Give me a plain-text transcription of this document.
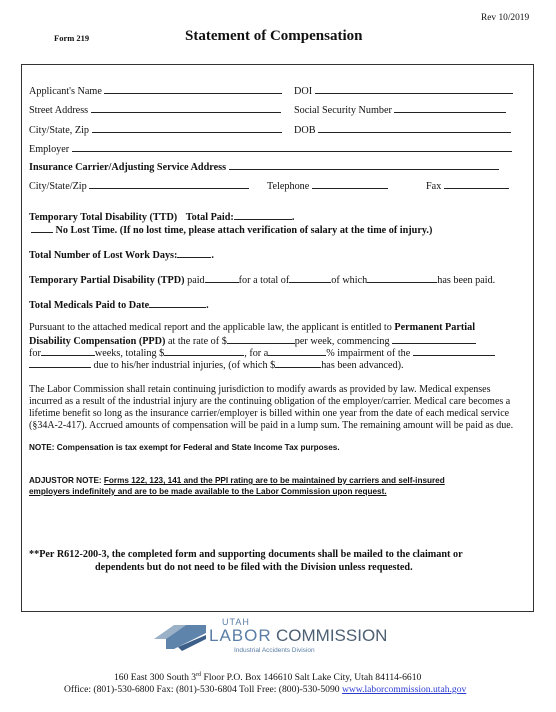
Rev 10/2019
Form 219	Statement of Compensation
Applicant's Name	DOI
Street Address	Social Security Number
City/State, Zip	DOB
Employer
Insurance Carrier/Adjusting Service Address
City/State/Zip	Telephone	Fax
Temporary Total Disability (TTD) Total Paid:	.
No Lost Time. (If no lost time, please attach verification of salary at the time of injury.)
Total Number of Lost Work Days:	.
Temporary Partial Disability (TPD) paid	for a total of	of which	has been paid.
Total Medicals Paid to Date	.
Pursuant to the attached medical report and the applicable law, the applicant is entitled to Permanent Partial
Disability Compensation (PPD) at the rate of $	per week, commencing
for	weeks, totaling $	, for a	% impairment of the
due to his/her industrial injuries, (of which $	has been advanced).
The Labor Commission shall retain continuing jurisdiction to modify awards as provided by law. Medical expenses incurred as a result of the industrial injury are the continuing obligation of the employer/carrier. Medical care becomes a lifetime benefit so long as the insurance carrier/employer is billed within one year from the date of each medical service (§34A-2-417). Accrued amounts of compensation will be paid in a lump sum. The remaining amount will be paid as due.
NOTE: Compensation is tax exempt for Federal and State Income Tax purposes.
ADJUSTOR NOTE: Forms 122, 123, 141 and the PPI rating are to be maintained by carriers and self-insured
employers indefinitely and are to be made available to the Labor Commission upon request.
**Per R612-200-3, the completed form and supporting documents shall be mailed to the claimant or
dependents but do not need to be filed with the Division unless requested.
UTAH
LABOR COMMISSION
Industrial Accidents Division
160 East 300 South 3rd Floor P.O. Box 146610 Salt Lake City, Utah 84114-6610
Office: (801)-530-6800 Fax: (801)-530-6804 Toll Free: (800)-530-5090 www.laborcommission.utah.gov
